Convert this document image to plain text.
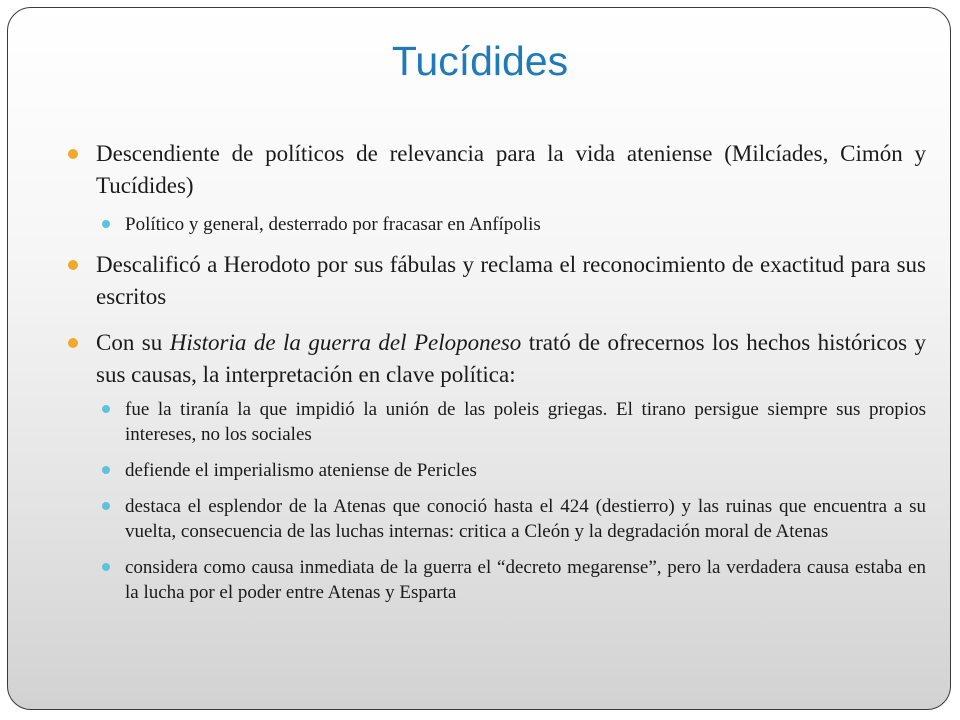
Tucídides
Descendiente de políticos de relevancia para la vida ateniense (Milcíades, Cimón y Tucídides)
Político y general, desterrado por fracasar en Anfípolis
Descalificó a Herodoto por sus fábulas y reclama el reconocimiento de exactitud para sus escritos
Con su Historia de la guerra del Peloponeso trató de ofrecernos los hechos históricos y sus causas, la interpretación en clave política:
fue la tiranía la que impidió la unión de las poleis griegas. El tirano persigue siempre sus propios intereses, no los sociales
defiende el imperialismo ateniense de Pericles
destaca el esplendor de la Atenas que conoció hasta el 424 (destierro) y las ruinas que encuentra a su vuelta, consecuencia de las luchas internas: critica a Cleón y la degradación moral de Atenas
considera como causa inmediata de la guerra el “decreto megarense”, pero la verdadera causa estaba en la lucha por el poder entre Atenas y Esparta
